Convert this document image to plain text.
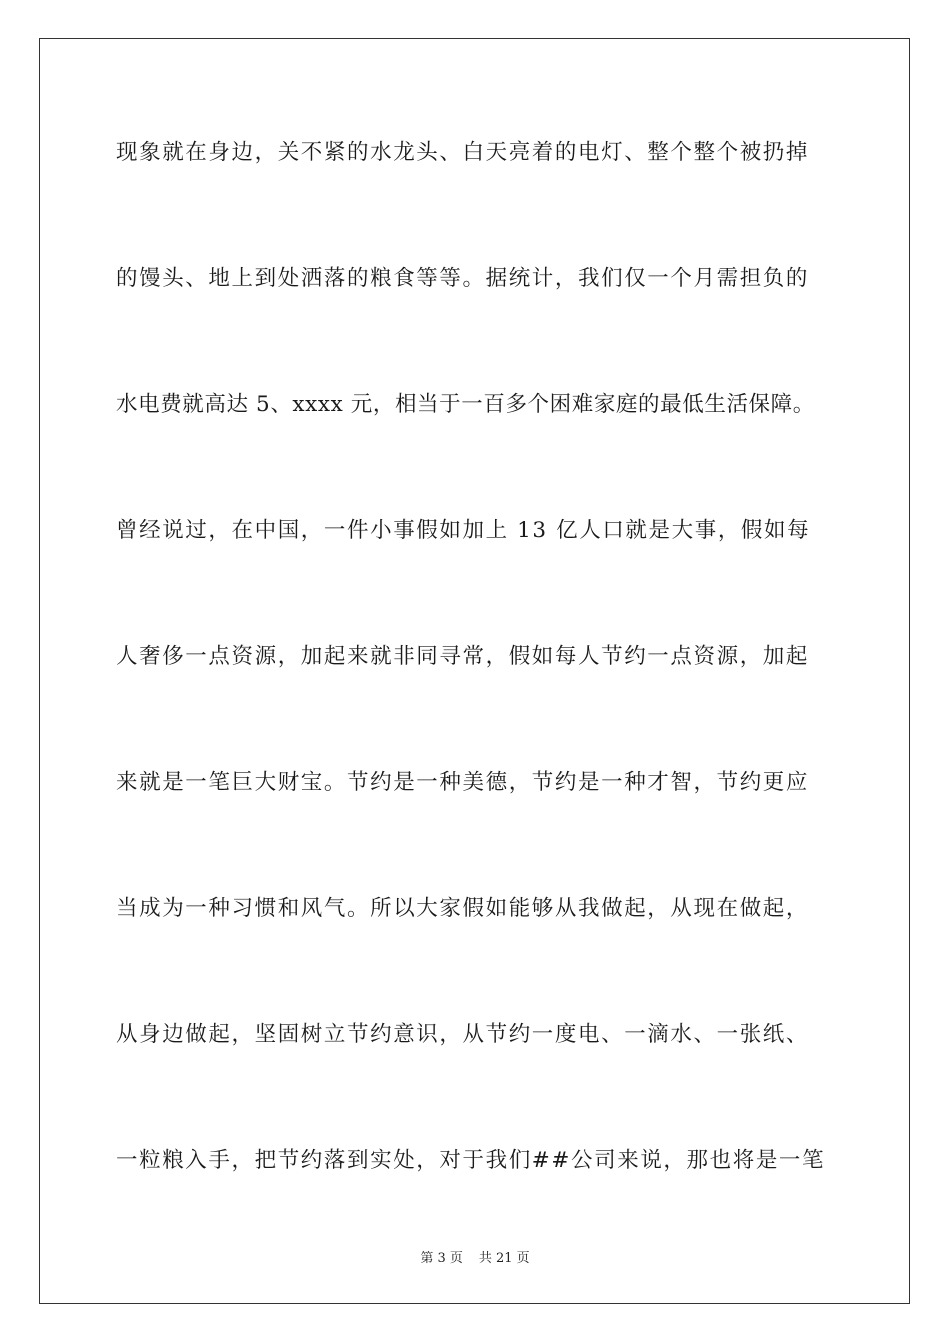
现象就在身边，关不紧的水龙头、白天亮着的电灯、整个整个被扔掉
的馒头、地上到处洒落的粮食等等。据统计，我们仅一个月需担负的
水电费就高达 5、xxxx 元，相当于一百多个困难家庭的最低生活保障。
曾经说过，在中国，一件小事假如加上 13 亿人口就是大事，假如每
人奢侈一点资源，加起来就非同寻常，假如每人节约一点资源，加起
来就是一笔巨大财宝。节约是一种美德，节约是一种才智，节约更应
当成为一种习惯和风气。所以大家假如能够从我做起，从现在做起，
从身边做起，坚固树立节约意识，从节约一度电、一滴水、一张纸、
一粒粮入手，把节约落到实处，对于我们##公司来说，那也将是一笔
第 3 页 共 21 页
